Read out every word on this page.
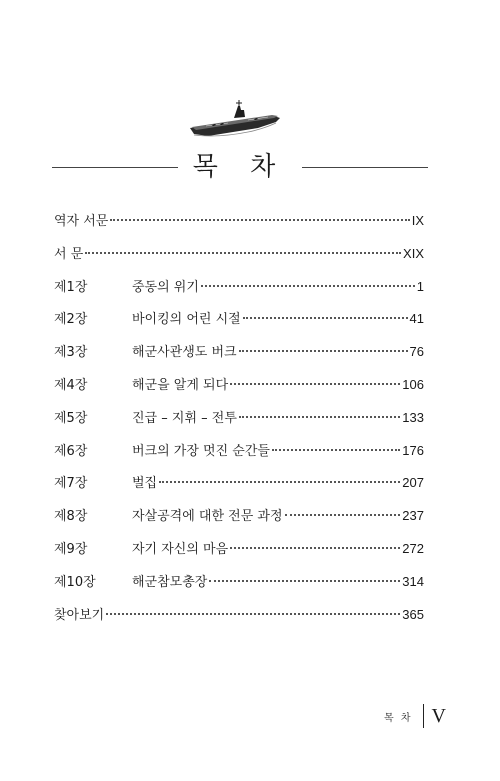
목 차
역자 서문	IX
서 문	XIX
제1장	중동의 위기	1
제2장	바이킹의 어린 시절	41
제3장	해군사관생도 버크	76
제4장	해군을 알게 되다	106
제5장	진급 – 지휘 – 전투	133
제6장	버크의 가장 멋진 순간들	176
제7장	벌집	207
제8장	자살공격에 대한 전문 과정	237
제9장	자기 자신의 마음	272
제10장	해군참모총장	314
찾아보기	365
목 차 V
